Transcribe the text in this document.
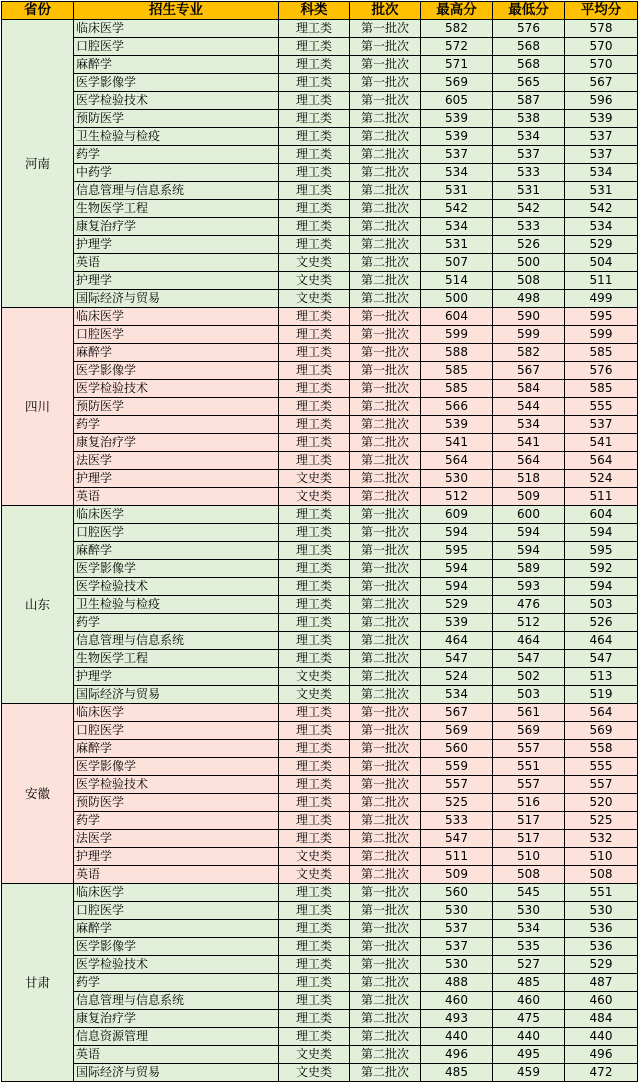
省份	招生专业	科类	批次	最高分	最低分	平均分
河南	临床医学	理工类	第一批次	582	576	578
	口腔医学	理工类	第一批次	572	568	570
	麻醉学	理工类	第一批次	571	568	570
	医学影像学	理工类	第一批次	569	565	567
	医学检验技术	理工类	第一批次	605	587	596
	预防医学	理工类	第二批次	539	538	539
	卫生检验与检疫	理工类	第二批次	539	534	537
	药学	理工类	第二批次	537	537	537
	中药学	理工类	第二批次	534	533	534
	信息管理与信息系统	理工类	第二批次	531	531	531
	生物医学工程	理工类	第二批次	542	542	542
	康复治疗学	理工类	第二批次	534	533	534
	护理学	理工类	第二批次	531	526	529
	英语	文史类	第二批次	507	500	504
	护理学	文史类	第二批次	514	508	511
	国际经济与贸易	文史类	第二批次	500	498	499
四川	临床医学	理工类	第一批次	604	590	595
	口腔医学	理工类	第一批次	599	599	599
	麻醉学	理工类	第一批次	588	582	585
	医学影像学	理工类	第一批次	585	567	576
	医学检验技术	理工类	第一批次	585	584	585
	预防医学	理工类	第二批次	566	544	555
	药学	理工类	第二批次	539	534	537
	康复治疗学	理工类	第二批次	541	541	541
	法医学	理工类	第二批次	564	564	564
	护理学	文史类	第二批次	530	518	524
	英语	文史类	第二批次	512	509	511
山东	临床医学	理工类	第一批次	609	600	604
	口腔医学	理工类	第一批次	594	594	594
	麻醉学	理工类	第一批次	595	594	595
	医学影像学	理工类	第一批次	594	589	592
	医学检验技术	理工类	第一批次	594	593	594
	卫生检验与检疫	理工类	第二批次	529	476	503
	药学	理工类	第二批次	539	512	526
	信息管理与信息系统	理工类	第二批次	464	464	464
	生物医学工程	理工类	第二批次	547	547	547
	护理学	文史类	第二批次	524	502	513
	国际经济与贸易	文史类	第二批次	534	503	519
安徽	临床医学	理工类	第一批次	567	561	564
	口腔医学	理工类	第一批次	569	569	569
	麻醉学	理工类	第一批次	560	557	558
	医学影像学	理工类	第一批次	559	551	555
	医学检验技术	理工类	第一批次	557	557	557
	预防医学	理工类	第二批次	525	516	520
	药学	理工类	第二批次	533	517	525
	法医学	理工类	第二批次	547	517	532
	护理学	文史类	第二批次	511	510	510
	英语	文史类	第二批次	509	508	508
甘肃	临床医学	理工类	第一批次	560	545	551
	口腔医学	理工类	第一批次	530	530	530
	麻醉学	理工类	第一批次	537	534	536
	医学影像学	理工类	第一批次	537	535	536
	医学检验技术	理工类	第一批次	530	527	529
	药学	理工类	第二批次	488	485	487
	信息管理与信息系统	理工类	第二批次	460	460	460
	康复治疗学	理工类	第二批次	493	475	484
	信息资源管理	理工类	第二批次	440	440	440
	英语	文史类	第二批次	496	495	496
	国际经济与贸易	文史类	第二批次	485	459	472
